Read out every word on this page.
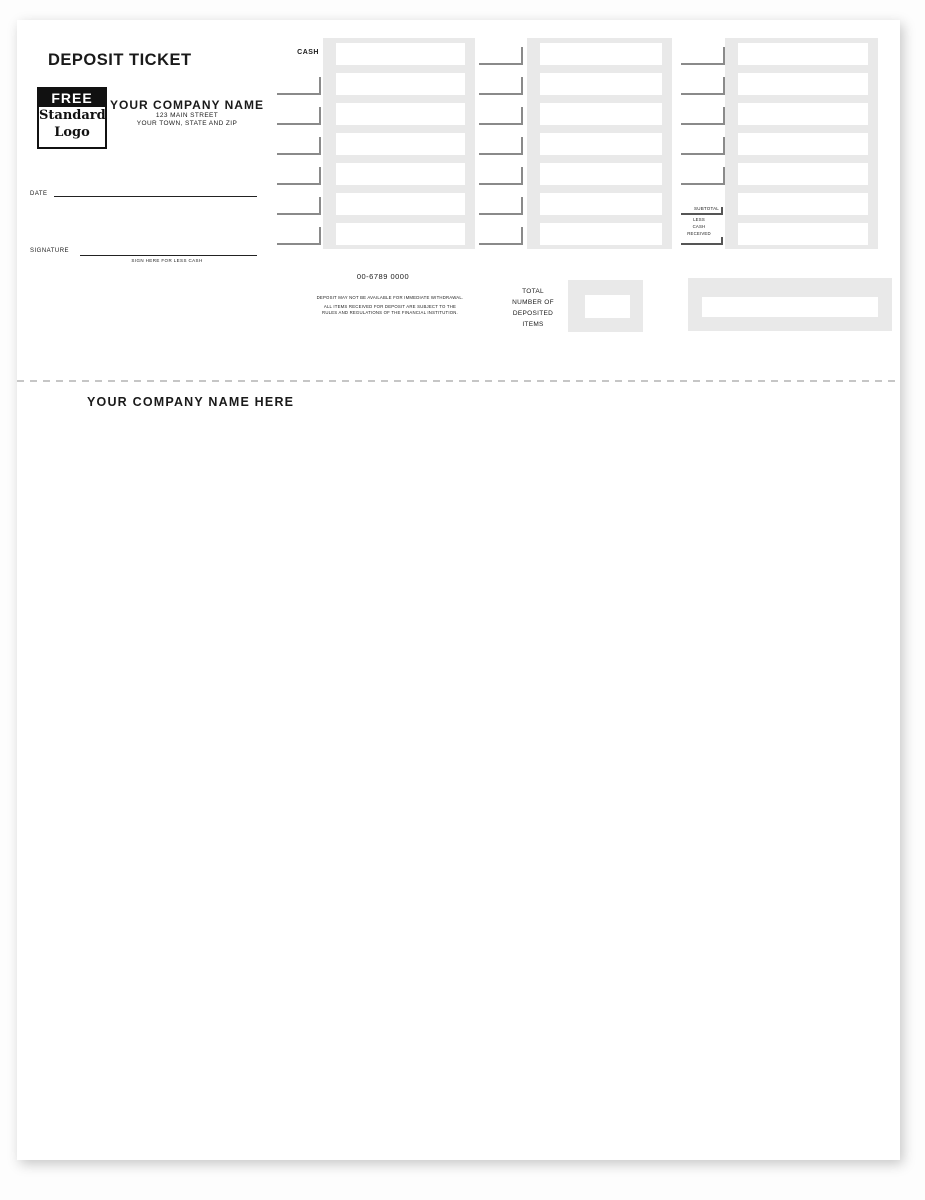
DEPOSIT TICKET
FREE
Standard
Logo
YOUR COMPANY NAME
123 MAIN STREET
YOUR TOWN, STATE AND ZIP
DATE
SIGNATURE
SIGN HERE FOR LESS CASH
CASH
SUBTOTAL
LESS
CASH
RECEIVED
00-6789 0000
DEPOSIT MAY NOT BE AVAILABLE FOR IMMEDIATE WITHDRAWAL.
ALL ITEMS RECEIVED FOR DEPOSIT ARE SUBJECT TO THE
RULES AND REGULATIONS OF THE FINANCIAL INSTITUTION.
TOTAL
NUMBER OF
DEPOSITED
ITEMS
YOUR COMPANY NAME HERE
